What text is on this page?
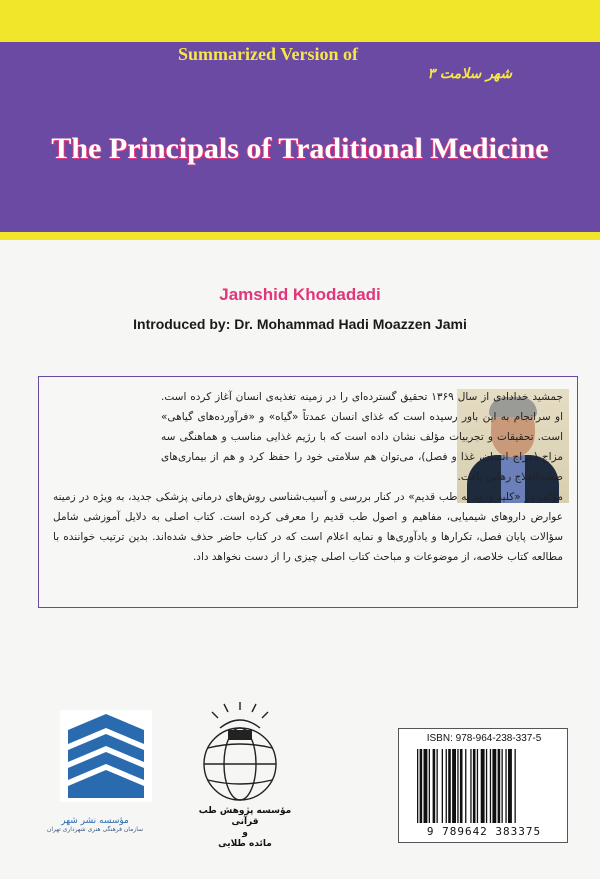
Summarized Version of
شهر سلامت ۳
The Principals of Traditional Medicine
Jamshid Khodadadi
Introduced by: Dr. Mohammad Hadi Moazzen Jami

جمشید خدادادی از سال ۱۳۶۹ تحقیق گسترده‌ای را در زمینه تغذیه‌ی انسان آغاز کرده است. او سرانجام به این باور رسیده است که غذای انسان عمدتاً «گیاه» و «فرآورده‌های گیاهی» است. تحقیقات و تجربیات مؤلف نشان داده است که با رژیم غذایی مناسب و هماهنگی سه مزاج (مزاج انسان، غذا و فصل)، می‌توان هم سلامتی خود را حفظ کرد و هم از بیماری‌های صعب‌العلاج رهایی یافت.

مؤلف در «کلید ورود به طب قدیم» در کنار بررسی و آسیب‌شناسی روش‌های درمانی پزشکی جدید، به ویژه در زمینه عوارض داروهای شیمیایی، مفاهیم و اصول طب قدیم را معرفی کرده است. کتاب اصلی به دلایل آموزشی شامل سؤالات پایان فصل، تکرارها و یادآوری‌ها و نمایه اعلام است که در کتاب حاضر حذف شده‌اند. بدین ترتیب خواننده با مطالعه کتاب خلاصه، از موضوعات و مباحث کتاب اصلی چیزی را از دست نخواهد داد.

مؤسسه نشر شهر
سازمان فرهنگی هنری شهرداری تهران
مؤسسه پژوهش طب قرآنی
و
مائده طلایی
ISBN: 978-964-238-337-5
9 789642 383375
